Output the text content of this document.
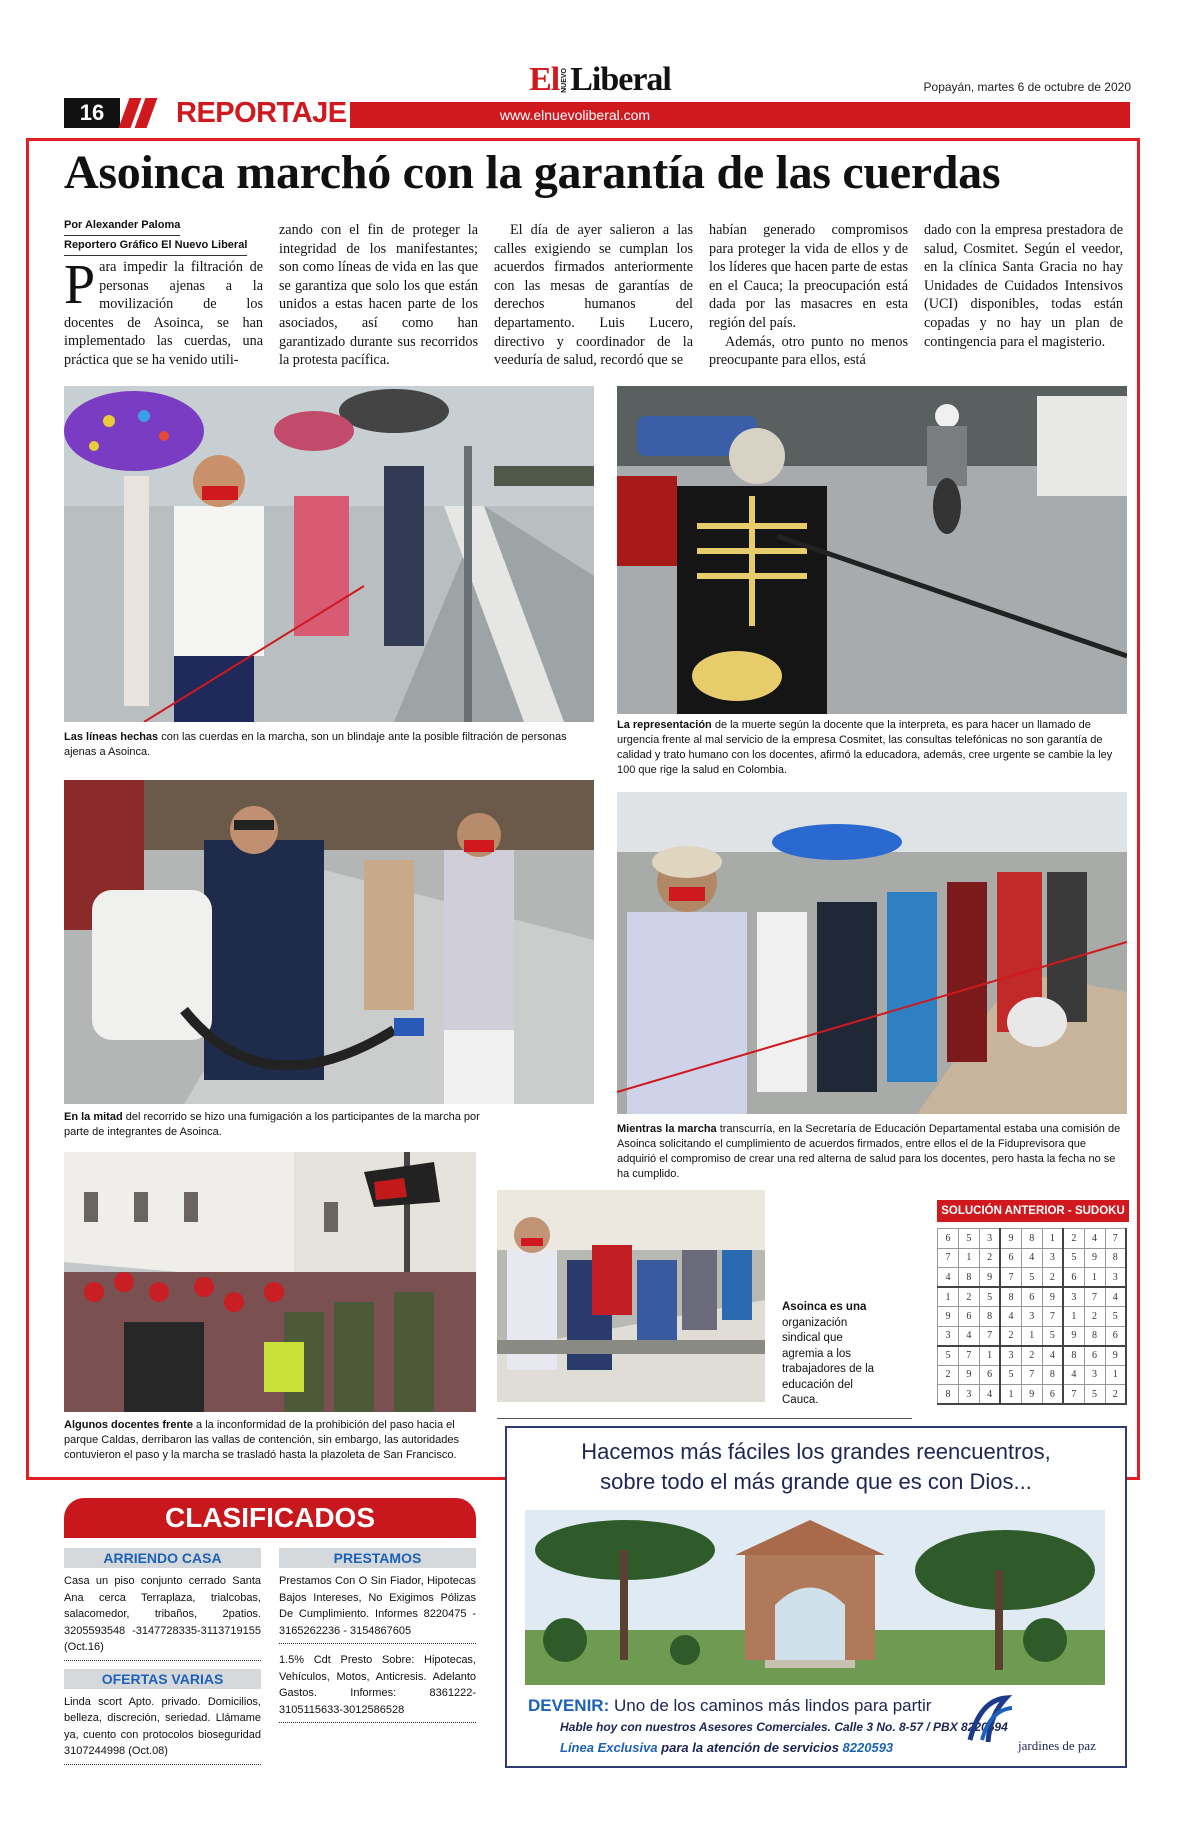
El NUEVO Liberal	Popayán, martes 6 de octubre de 2020
www.elnuevoliberal.com
16	REPORTAJE
Asoinca marchó con la garantía de las cuerdas
Por Alexander Paloma
Reportero Gráfico El Nuevo Liberal
Para impedir la filtración de personas ajenas a la movilización de los docentes de Asoinca, se han implementado las cuerdas, una práctica que se ha venido utili-
zando con el fin de proteger la integridad de los manifestantes; son como líneas de vida en las que se garantiza que solo los que están unidos a estas hacen parte de los asociados, así como han garantizado durante sus recorridos la protesta pacífica.
El día de ayer salieron a las calles exigiendo se cumplan los acuerdos firmados anteriormente con las mesas de garantías de derechos humanos del departamento. Luis Lucero, directivo y coordinador de la veeduría de salud, recordó que se
habían generado compromisos para proteger la vida de ellos y de los líderes que hacen parte de estas en el Cauca; la preocupación está dada por las masacres en esta región del país.
Además, otro punto no menos preocupante para ellos, está
dado con la empresa prestadora de salud, Cosmitet. Según el veedor, en la clínica Santa Gracia no hay Unidades de Cuidados Intensivos (UCI) disponibles, todas están copadas y no hay un plan de contingencia para el magisterio.
Las líneas hechas con las cuerdas en la marcha, son un blindaje ante la posible filtración de personas ajenas a Asoinca.
La representación de la muerte según la docente que la interpreta, es para hacer un llamado de urgencia frente al mal servicio de la empresa Cosmitet, las consultas telefónicas no son garantía de calidad y trato humano con los docentes, afirmó la educadora, además, cree urgente se cambie la ley 100 que rige la salud en Colombia.
En la mitad del recorrido se hizo una fumigación a los participantes de la marcha por parte de integrantes de Asoinca.	Mientras la marcha transcurría, en la Secretaría de Educación Departamental estaba una comisión de Asoinca solicitando el cumplimiento de acuerdos firmados, entre ellos el de la Fiduprevisora que adquirió el compromiso de crear una red alterna de salud para los docentes, pero hasta la fecha no se ha cumplido.
Algunos docentes frente a la inconformidad de la prohibición del paso hacia el parque Caldas, derribaron las vallas de contención, sin embargo, las autoridades contuvieron el paso y la marcha se trasladó hasta la plazoleta de San Francisco.
Asoinca es una organización sindical que agremia a los trabajadores de la educación del Cauca.
SOLUCIÓN ANTERIOR - SUDOKU
6	5	3	9	8	1	2	4	7
7	1	2	6	4	3	5	9	8
4	8	9	7	5	2	6	1	3
1	2	5	8	6	9	3	7	4
9	6	8	4	3	7	1	2	5
3	4	7	2	1	5	9	8	6
5	7	1	3	2	4	8	6	9
2	9	6	5	7	8	4	3	1
8	3	4	1	9	6	7	5	2
CLASIFICADOS
ARRIENDO CASA
Casa un piso conjunto cerrado Santa Ana cerca Terraplaza, trialcobas, salacomedor, tribaños, 2patios. 3205593548 -3147728335-3113719155 (Oct.16)
OFERTAS VARIAS
Linda scort Apto. privado. Domicilios, belleza, discreción, seriedad. Llámame ya, cuento con protocolos bioseguridad 3107244998 (Oct.08)
PRESTAMOS
Prestamos Con O Sin Fiador, Hipotecas Bajos Intereses, No Exigimos Pólizas De Cumplimiento. Informes 8220475 - 3165262236 - 3154867605
1.5% Cdt Presto Sobre: Hipotecas, Vehículos, Motos, Anticresis. Adelanto Gastos. Informes: 8361222-3105115633-3012586528
Hacemos más fáciles los grandes reencuentros,
sobre todo el más grande que es con Dios...
DEVENIR: Uno de los caminos más lindos para partir
Hable hoy con nuestros Asesores Comerciales. Calle 3 No. 8-57 / PBX 8220594
Línea Exclusiva para la atención de servicios 8220593	jardines de paz
